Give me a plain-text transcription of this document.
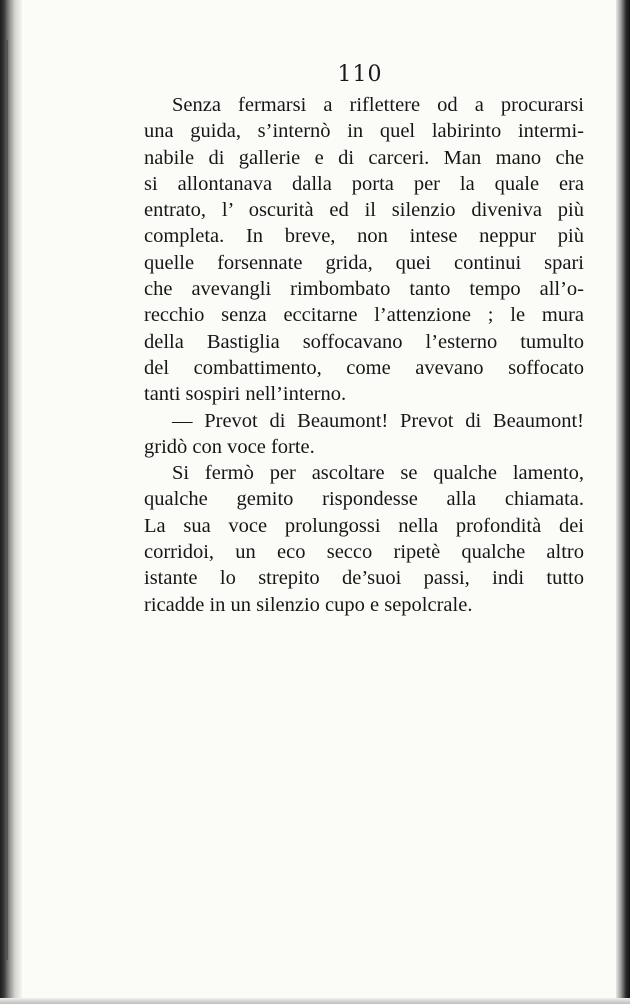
110
Senza fermarsi a riflettere od a procurarsi
una guida, s’internò in quel labirinto intermi-
nabile di gallerie e di carceri. Man mano che
si allontanava dalla porta per la quale era
entrato, l’ oscurità ed il silenzio diveniva più
completa. In breve, non intese neppur più
quelle forsennate grida, quei continui spari
che avevangli rimbombato tanto tempo all’o-
recchio senza eccitarne l’attenzione ; le mura
della Bastiglia soffocavano l’esterno tumulto
del combattimento, come avevano soffocato
tanti sospiri nell’interno.
— Prevot di Beaumont! Prevot di Beaumont!
gridò con voce forte.
Si fermò per ascoltare se qualche lamento,
qualche gemito rispondesse alla chiamata.
La sua voce prolungossi nella profondità dei
corridoi, un eco secco ripetè qualche altro
istante lo strepito de’suoi passi, indi tutto
ricadde in un silenzio cupo e sepolcrale.
